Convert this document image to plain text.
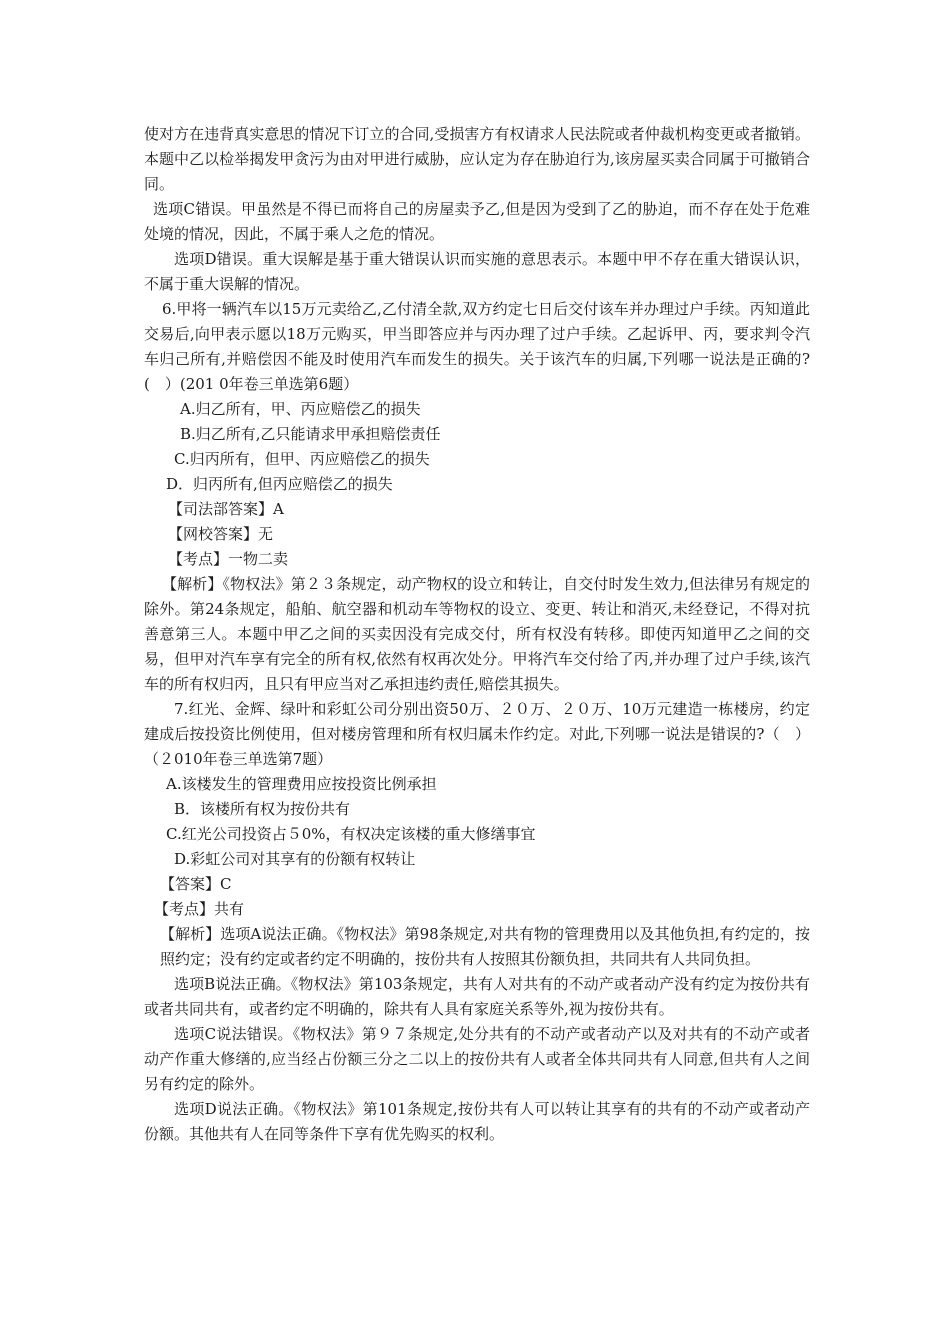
使对方在违背真实意思的情况下订立的合同,受损害方有权请求人民法院或者仲裁机构变更或者撤销。本题中乙以检举揭发甲贪污为由对甲进行威胁，应认定为存在胁迫行为,该房屋买卖合同属于可撤销合同。

选项C错误。甲虽然是不得已而将自己的房屋卖予乙,但是因为受到了乙的胁迫，而不存在处于危难处境的情况，因此，不属于乘人之危的情况。

选项D错误。重大误解是基于重大错误认识而实施的意思表示。本题中甲不存在重大错误认识，不属于重大误解的情况。

6.甲将一辆汽车以15万元卖给乙,乙付清全款,双方约定七日后交付该车并办理过户手续。丙知道此交易后,向甲表示愿以18万元购买，甲当即答应并与丙办理了过户手续。乙起诉甲、丙，要求判令汽车归己所有,并赔偿因不能及时使用汽车而发生的损失。关于该汽车的归属,下列哪一说法是正确的?(　）(201 0年卷三单选第6题）

A.归乙所有，甲、丙应赔偿乙的损失

B.归乙所有,乙只能请求甲承担赔偿责任

C.归丙所有，但甲、丙应赔偿乙的损失

D．归丙所有,但丙应赔偿乙的损失

【司法部答案】A

【网校答案】无

【考点】一物二卖

【解析】《物权法》第２３条规定，动产物权的设立和转让，自交付时发生效力,但法律另有规定的除外。第24条规定，船舶、航空器和机动车等物权的设立、变更、转让和消灭,未经登记，不得对抗善意第三人。本题中甲乙之间的买卖因没有完成交付，所有权没有转移。即使丙知道甲乙之间的交易，但甲对汽车享有完全的所有权,依然有权再次处分。甲将汽车交付给了丙,并办理了过户手续,该汽车的所有权归丙，且只有甲应当对乙承担违约责任,赔偿其损失。

7.红光、金辉、绿叶和彩虹公司分别出资50万、２０万、２０万、10万元建造一栋楼房，约定建成后按投资比例使用，但对楼房管理和所有权归属未作约定。对此,下列哪一说法是错误的?（　）（２010年卷三单选第7题）

A.该楼发生的管理费用应按投资比例承担

B．该楼所有权为按份共有

C.红光公司投资占５0%，有权决定该楼的重大修缮事宜

D.彩虹公司对其享有的份额有权转让

【答案】C

【考点】共有

【解析】选项A说法正确。《物权法》第98条规定,对共有物的管理费用以及其他负担,有约定的，按照约定；没有约定或者约定不明确的，按份共有人按照其份额负担，共同共有人共同负担。

选项B说法正确。《物权法》第103条规定，共有人对共有的不动产或者动产没有约定为按份共有或者共同共有，或者约定不明确的，除共有人具有家庭关系等外,视为按份共有。

选项C说法错误。《物权法》第９７条规定,处分共有的不动产或者动产以及对共有的不动产或者动产作重大修缮的,应当经占份额三分之二以上的按份共有人或者全体共同共有人同意,但共有人之间另有约定的除外。

选项D说法正确。《物权法》第101条规定,按份共有人可以转让其享有的共有的不动产或者动产份额。其他共有人在同等条件下享有优先购买的权利。
